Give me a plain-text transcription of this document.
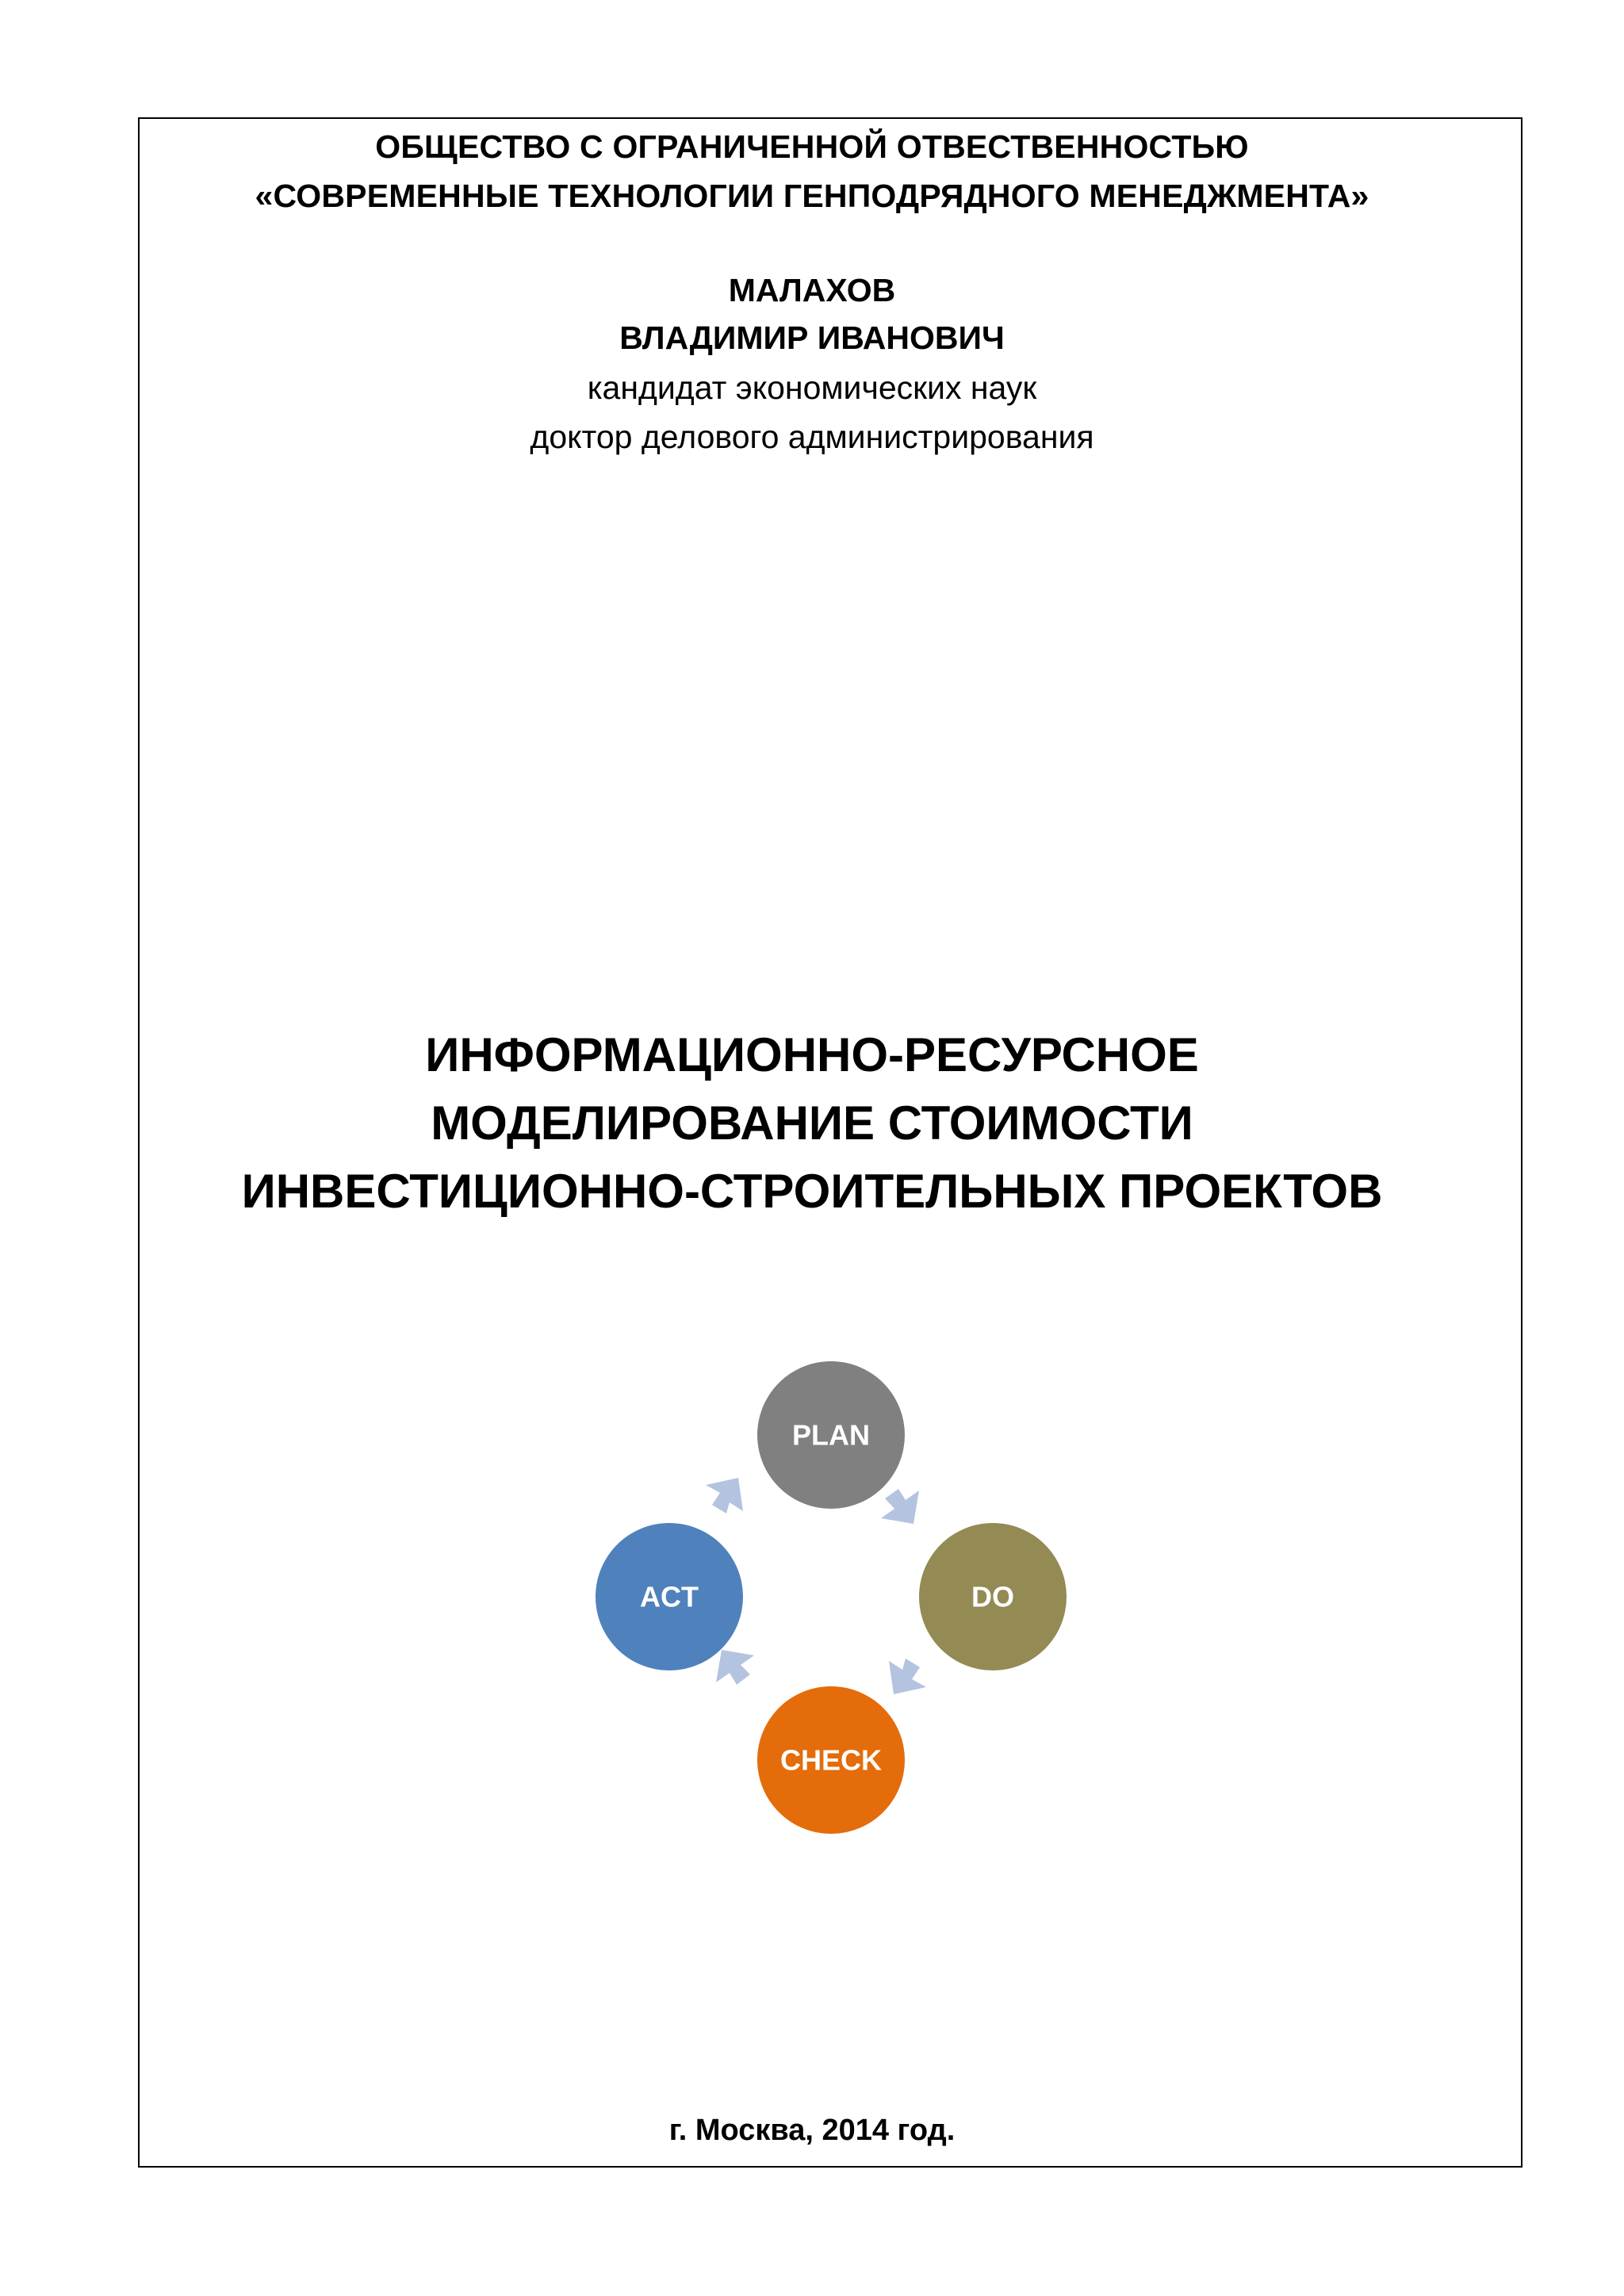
ОБЩЕСТВО С ОГРАНИЧЕННОЙ ОТВЕСТВЕННОСТЬЮ
«СОВРЕМЕННЫЕ ТЕХНОЛОГИИ ГЕНПОДРЯДНОГО МЕНЕДЖМЕНТА»
МАЛАХОВ
ВЛАДИМИР ИВАНОВИЧ
кандидат экономических наук
доктор делового администрирования
ИНФОРМАЦИОННО-РЕСУРСНОЕ
МОДЕЛИРОВАНИЕ СТОИМОСТИ
ИНВЕСТИЦИОННО-СТРОИТЕЛЬНЫХ ПРОЕКТОВ
PLAN
DO
CHECK
ACT
г. Москва, 2014 год.
